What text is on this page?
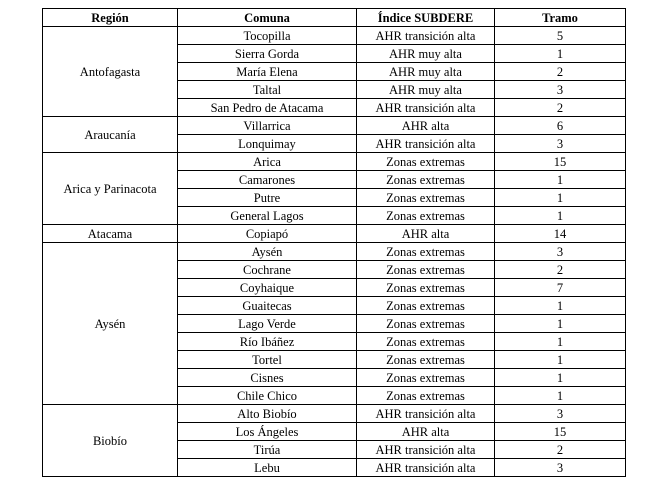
Región	Comuna	Índice SUBDERE	Tramo
Antofagasta	Tocopilla	AHR transición alta	5
	Sierra Gorda	AHR muy alta	1
	María Elena	AHR muy alta	2
	Taltal	AHR muy alta	3
	San Pedro de Atacama	AHR transición alta	2
Araucanía	Villarrica	AHR alta	6
	Lonquimay	AHR transición alta	3
Arica y Parinacota	Arica	Zonas extremas	15
	Camarones	Zonas extremas	1
	Putre	Zonas extremas	1
	General Lagos	Zonas extremas	1
Atacama	Copiapó	AHR alta	14
Aysén	Aysén	Zonas extremas	3
	Cochrane	Zonas extremas	2
	Coyhaique	Zonas extremas	7
	Guaitecas	Zonas extremas	1
	Lago Verde	Zonas extremas	1
	Río Ibáñez	Zonas extremas	1
	Tortel	Zonas extremas	1
	Cisnes	Zonas extremas	1
	Chile Chico	Zonas extremas	1
Biobío	Alto Biobío	AHR transición alta	3
	Los Ángeles	AHR alta	15
	Tirúa	AHR transición alta	2
	Lebu	AHR transición alta	3
